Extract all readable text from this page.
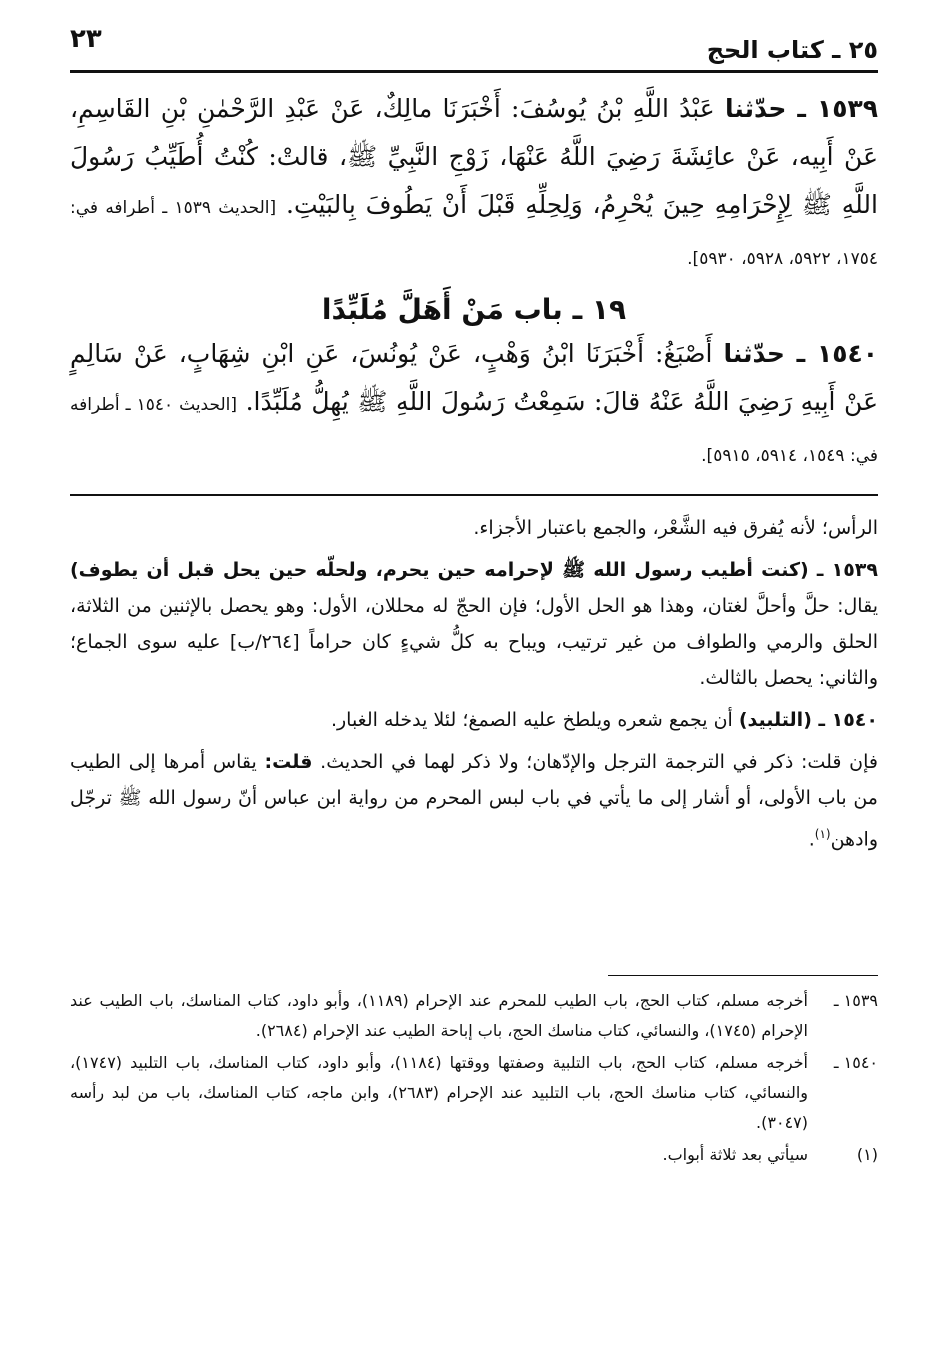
٢٥ ـ كتاب الحج
٢٣
١٥٣٩ ـ حدّثنا عَبْدُ اللَّهِ بْنُ يُوسُفَ: أَخْبَرَنَا مالِكٌ، عَنْ عَبْدِ الرَّحْمٰنِ بْنِ القَاسِمِ، عَنْ أَبِيه، عَنْ عائِشَةَ رَضِيَ اللَّهُ عَنْهَا، زَوْجِ النَّبِيِّ ﷺ، قالتْ: كُنْتُ أُطَيِّبُ رَسُولَ اللَّهِ ﷺ لِإِحْرَامِهِ حِينَ يُحْرِمُ، وَلِحِلِّهِ قَبْلَ أَنْ يَطُوفَ بِالبَيْتِ. [الحديث ١٥٣٩ ـ أطرافه في: ١٧٥٤، ٥٩٢٢، ٥٩٢٨، ٥٩٣٠].
١٩ ـ باب مَنْ أَهَلَّ مُلَبِّدًا
١٥٤٠ ـ حدّثنا أَصْبَغُ: أَخْبَرَنَا ابْنُ وَهْبٍ، عَنْ يُونُسَ، عَنِ ابْنِ شِهَابٍ، عَنْ سَالِمٍ عَنْ أَبِيهِ رَضِيَ اللَّهُ عَنْهُ قالَ: سَمِعْتُ رَسُولَ اللَّهِ ﷺ يُهِلُّ مُلَبِّدًا. [الحديث ١٥٤٠ ـ أطرافه في: ١٥٤٩، ٥٩١٤، ٥٩١٥].

الرأس؛ لأنه يُفرق فيه الشَّعْر، والجمع باعتبار الأجزاء.

١٥٣٩ ـ (كنت أطيب رسول الله ﷺ لإحرامه حين يحرم، ولحلّه حين يحل قبل أن يطوف) يقال: حلَّ وأحلَّ لغتان، وهذا هو الحل الأول؛ فإن الحجّ له محللان، الأول: وهو يحصل بالإثنين من الثلاثة، الحلق والرمي والطواف من غير ترتيب، ويباح به كلُّ شيءٍ كان حراماً [٢٦٤/ب] عليه سوى الجماع؛ والثاني: يحصل بالثالث.

١٥٤٠ ـ (التلبيد) أن يجمع شعره ويلطخ عليه الصمغ؛ لئلا يدخله الغبار.

فإن قلت: ذكر في الترجمة الترجل والإدّهان؛ ولا ذكر لهما في الحديث. قلت: يقاس أمرها إلى الطيب من باب الأولى، أو أشار إلى ما يأتي في باب لبس المحرم من رواية ابن عباس أنّ رسول الله ﷺ ترجّل وادهن$^{(١)}$.

١٥٣٩ ـ
أخرجه مسلم، كتاب الحج، باب الطيب للمحرم عند الإحرام (١١٨٩)، وأبو داود، كتاب المناسك، باب الطيب عند الإحرام (١٧٤٥)، والنسائي، كتاب مناسك الحج، باب إباحة الطيب عند الإحرام (٢٦٨٤).
١٥٤٠ ـ
أخرجه مسلم، كتاب الحج، باب التلبية وصفتها ووقتها (١١٨٤)، وأبو داود، كتاب المناسك، باب التلبيد (١٧٤٧)، والنسائي، كتاب مناسك الحج، باب التلبيد عند الإحرام (٢٦٨٣)، وابن ماجه، كتاب المناسك، باب من لبد رأسه (٣٠٤٧).
(١)
سيأتي بعد ثلاثة أبواب.
